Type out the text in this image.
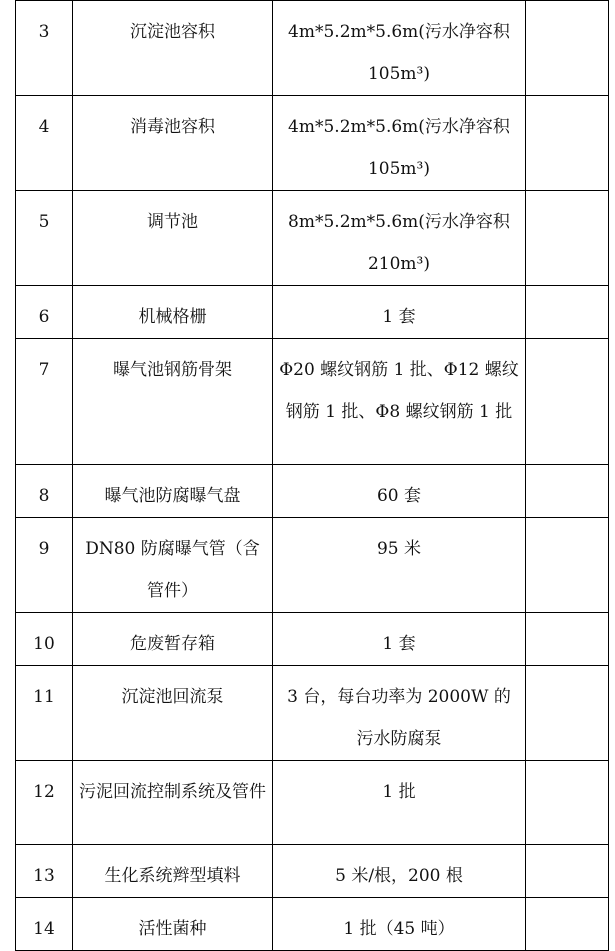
3	沉淀池容积	4m*5.2m*5.6m(污水净容积105m³)	
4	消毒池容积	4m*5.2m*5.6m(污水净容积105m³)	
5	调节池	8m*5.2m*5.6m(污水净容积210m³)	
6	机械格栅	1 套	
7	曝气池钢筋骨架	Φ20 螺纹钢筋 1 批、Φ12 螺纹钢筋 1 批、Φ8 螺纹钢筋 1 批	
8	曝气池防腐曝气盘	60 套	
9	DN80 防腐曝气管（含管件）	95 米	
10	危废暂存箱	1 套	
11	沉淀池回流泵	3 台，每台功率为 2000W 的污水防腐泵	
12	污泥回流控制系统及管件	1 批	
13	生化系统辫型填料	5 米/根，200 根	
14	活性菌种	1 批（45 吨）	
